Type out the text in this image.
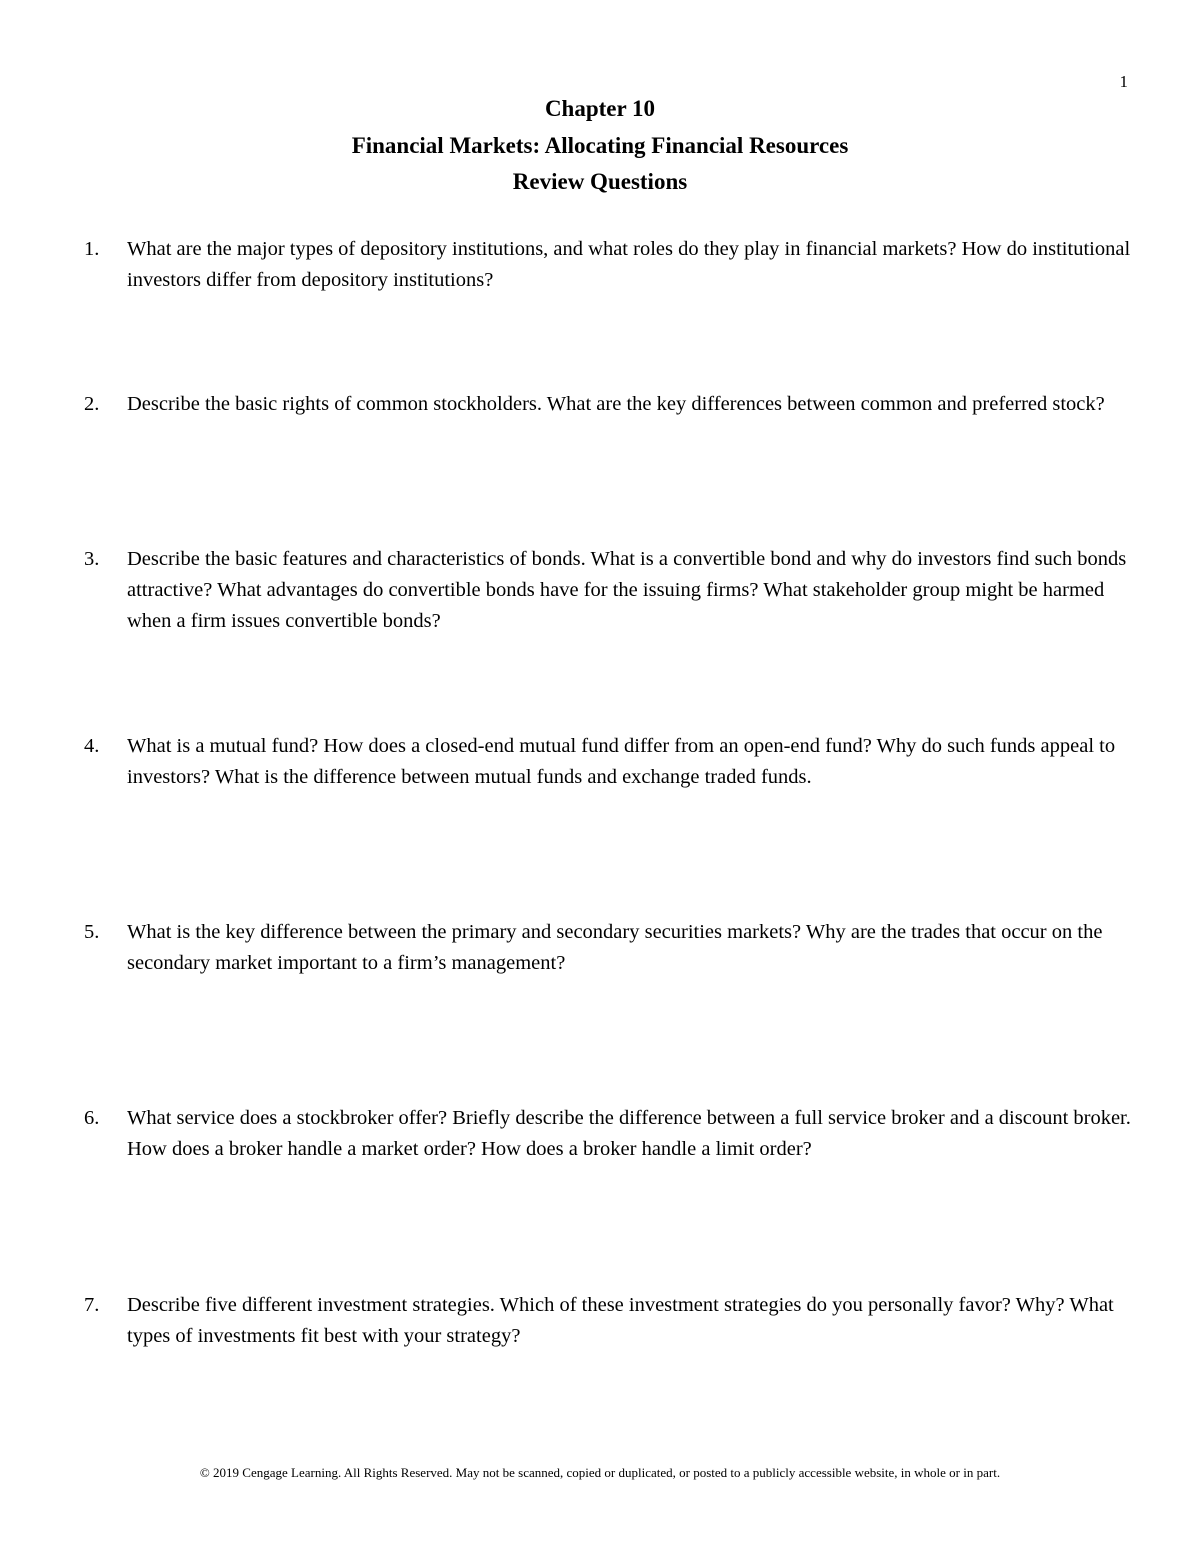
1
Chapter 10
Financial Markets: Allocating Financial Resources
Review Questions
1.	What are the major types of depository institutions, and what roles do they play in financial markets? How do institutional investors differ from depository institutions?
2.	Describe the basic rights of common stockholders. What are the key differences between common and preferred stock?
3.	Describe the basic features and characteristics of bonds. What is a convertible bond and why do investors find such bonds attractive? What advantages do convertible bonds have for the issuing firms? What stakeholder group might be harmed when a firm issues convertible bonds?
4.	What is a mutual fund? How does a closed-end mutual fund differ from an open-end fund? Why do such funds appeal to investors? What is the difference between mutual funds and exchange traded funds.
5.	What is the key difference between the primary and secondary securities markets? Why are the trades that occur on the secondary market important to a firm’s management?
6.	What service does a stockbroker offer? Briefly describe the difference between a full service broker and a discount broker. How does a broker handle a market order? How does a broker handle a limit order?
7.	Describe five different investment strategies. Which of these investment strategies do you personally favor? Why? What types of investments fit best with your strategy?
© 2019 Cengage Learning. All Rights Reserved. May not be scanned, copied or duplicated, or posted to a publicly accessible website, in whole or in part.
